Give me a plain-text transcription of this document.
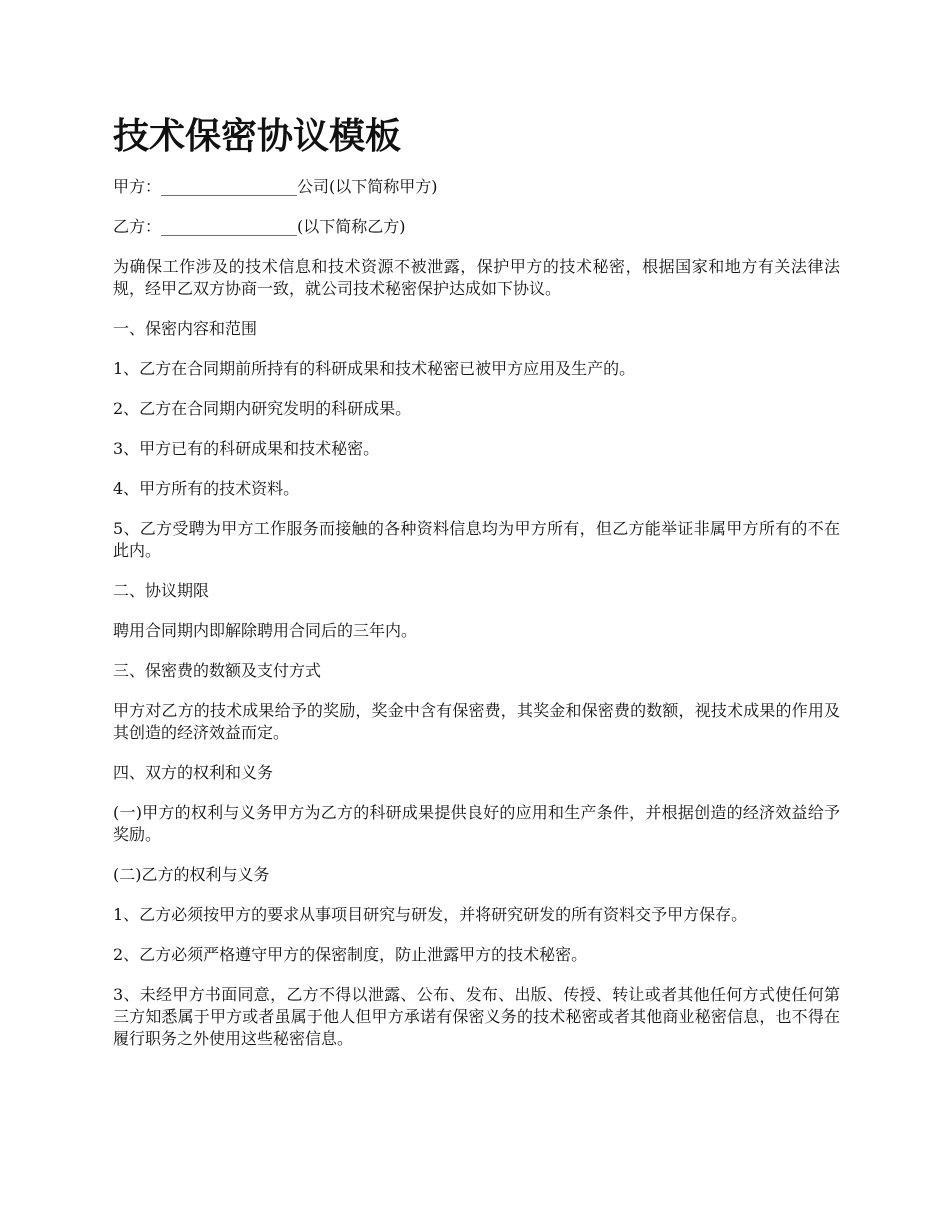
技术保密协议模板

甲方：_________________公司(以下简称甲方)

乙方：_________________(以下简称乙方)

为确保工作涉及的技术信息和技术资源不被泄露，保护甲方的技术秘密，根据国家和地方有关法律法规，经甲乙双方协商一致，就公司技术秘密保护达成如下协议。

一、保密内容和范围

1、乙方在合同期前所持有的科研成果和技术秘密已被甲方应用及生产的。

2、乙方在合同期内研究发明的科研成果。

3、甲方已有的科研成果和技术秘密。

4、甲方所有的技术资料。

5、乙方受聘为甲方工作服务而接触的各种资料信息均为甲方所有，但乙方能举证非属甲方所有的不在此内。

二、协议期限

聘用合同期内即解除聘用合同后的三年内。

三、保密费的数额及支付方式

甲方对乙方的技术成果给予的奖励，奖金中含有保密费，其奖金和保密费的数额，视技术成果的作用及其创造的经济效益而定。

四、双方的权利和义务

(一)甲方的权利与义务甲方为乙方的科研成果提供良好的应用和生产条件，并根据创造的经济效益给予奖励。

(二)乙方的权利与义务

1、乙方必须按甲方的要求从事项目研究与研发，并将研究研发的所有资料交予甲方保存。

2、乙方必须严格遵守甲方的保密制度，防止泄露甲方的技术秘密。

3、未经甲方书面同意，乙方不得以泄露、公布、发布、出版、传授、转让或者其他任何方式使任何第三方知悉属于甲方或者虽属于他人但甲方承诺有保密义务的技术秘密或者其他商业秘密信息，也不得在履行职务之外使用这些秘密信息。
